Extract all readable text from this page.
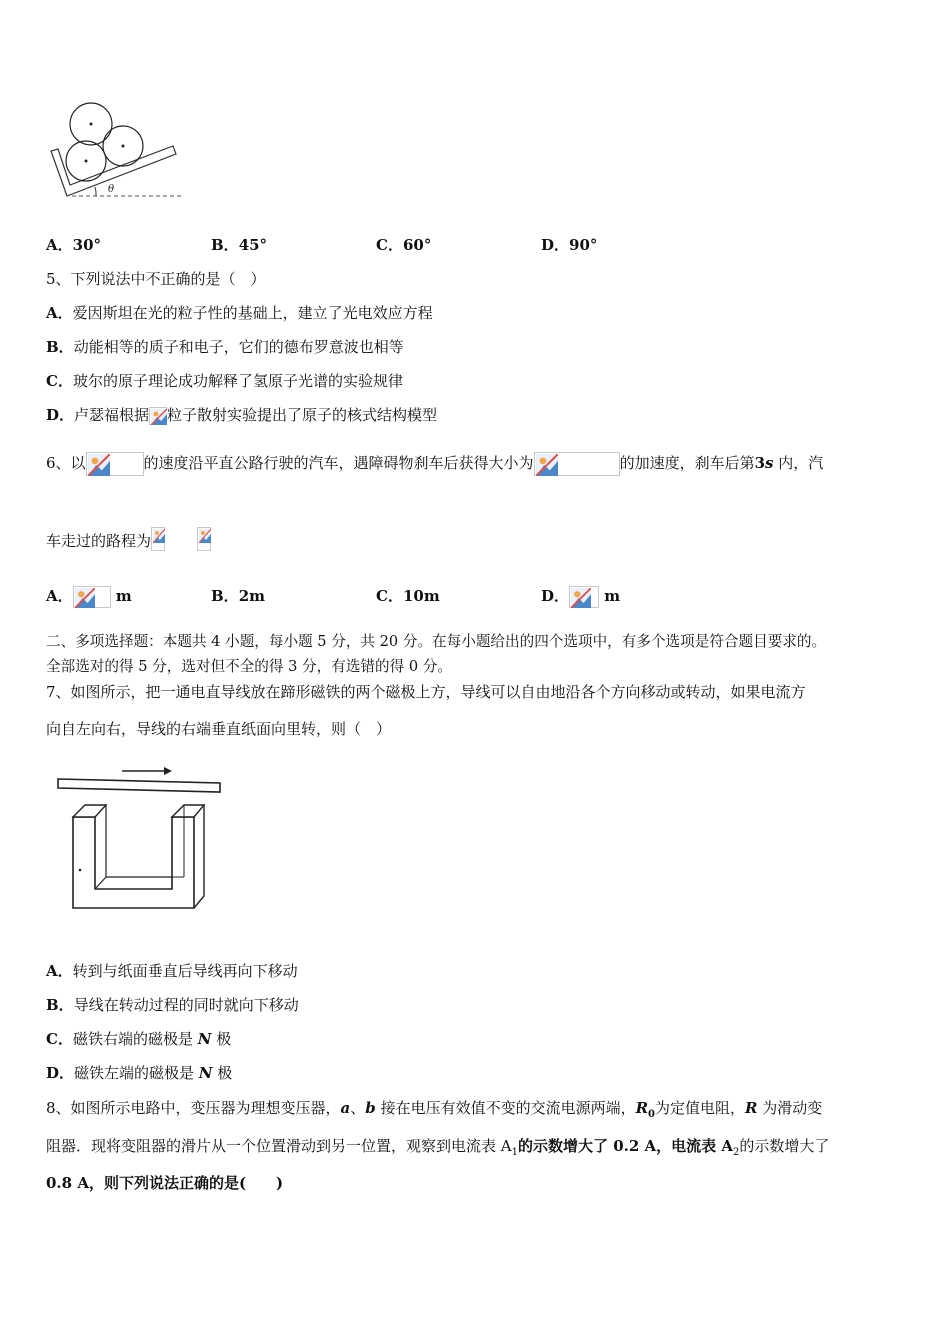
θ
A．30°	B．45°	C．60°	D．90°
5、下列说法中不正确的是（　）
A．爱因斯坦在光的粒子性的基础上，建立了光电效应方程
B．动能相等的质子和电子，它们的德布罗意波也相等
C．玻尔的原子理论成功解释了氢原子光谱的实验规律
D．卢瑟福根据 粒子散射实验提出了原子的核式结构模型
6、以	的速度沿平直公路行驶的汽车，遇障碍物刹车后获得大小为	的加速度，刹车后第3s 内，汽
车走过的路程为
A．	m	B．2m	C．10m	D． m
二、多项选择题：本题共 4 小题，每小题 5 分，共 20 分。在每小题给出的四个选项中，有多个选项是符合题目要求的。
全部选对的得 5 分，选对但不全的得 3 分，有选错的得 0 分。
7、如图所示，把一通电直导线放在蹄形磁铁的两个磁极上方，导线可以自由地沿各个方向移动或转动，如果电流方
向自左向右，导线的右端垂直纸面向里转，则（　）
A．转到与纸面垂直后导线再向下移动
B．导线在转动过程的同时就向下移动
C．磁铁右端的磁极是 N 极
D．磁铁左端的磁极是 N 极
8、如图所示电路中，变压器为理想变压器，a、b 接在电压有效值不变的交流电源两端，$R_0$为定值电阻，R 为滑动变
阻器．现将变阻器的滑片从一个位置滑动到另一位置，观察到电流表 $A_1$的示数增大了 0.2 A，电流表 $A_2$的示数增大了
0.8 A，则下列说法正确的是(　　)
